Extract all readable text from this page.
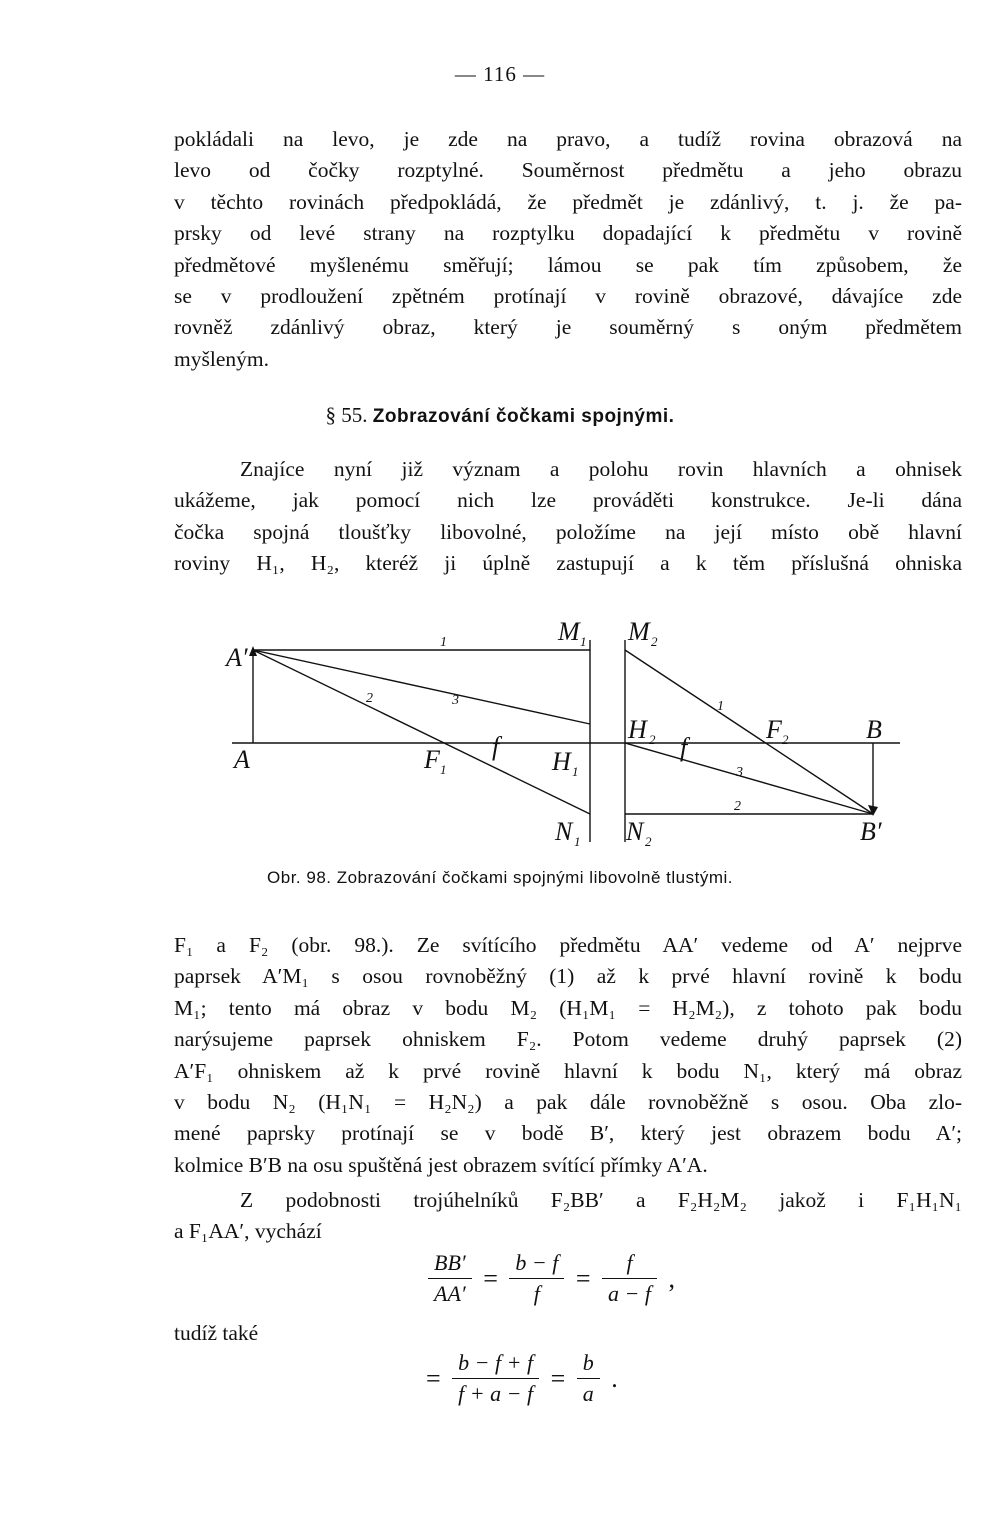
— 116 —
pokládali na levo, je zde na pravo, a tudíž rovina obrazová na
levo od čočky rozptylné. Souměrnost předmětu a jeho obrazu
v těchto rovinách předpokládá, že předmět je zdánlivý, t. j. že pa-
prsky od levé strany na rozptylku dopadající k předmětu v rovině
předmětové myšlenému směřují; lámou se pak tím způsobem, že
se v prodloužení zpětném protínají v rovině obrazové, dávajíce zde
rovněž zdánlivý obraz, který je souměrný s oným předmětem
myšleným.
§ 55. Zobrazování čočkami spojnými.
Znajíce nyní již význam a polohu rovin hlavních a ohnisek
ukážeme, jak pomocí nich lze prováděti konstrukce. Je-li dána
čočka spojná tloušťky libovolné, položíme na její místo obě hlavní
roviny H₁, H₂, kteréž ji úplně zastupují a k těm příslušná ohniska
A′
A	F 1
f
H 1
M 1
N 1
M 2
H 2 f
F 2	B
N 2	B′
1
2	3	1
3
2
Obr. 98. Zobrazování čočkami spojnými libovolně tlustými.
F₁ a F₂ (obr. 98.). Ze svítícího předmětu AA′ vedeme od A′ nejprve
paprsek A′M₁ s osou rovnoběžný (1) až k prvé hlavní rovině k bodu
M₁; tento má obraz v bodu M₂ (H₁M₁ = H₂M₂), z tohoto pak bodu
narýsujeme paprsek ohniskem F₂. Potom vedeme druhý paprsek (2)
A′F₁ ohniskem až k prvé rovině hlavní k bodu N₁, který má obraz
v bodu N₂ (H₁N₁ = H₂N₂) a pak dále rovnoběžně s osou. Oba zlo-
mené paprsky protínají se v bodě B′, který jest obrazem bodu A′;
kolmice B′B na osu spuštěná jest obrazem svítící přímky A′A.
Z podobnosti trojúhelníků F₂BB′ a F₂H₂M₂ jakož i F₁H₁N₁
a F₁AA′, vychází
$\frac{BB'}{AA'} = \frac{b - f}{f} = \frac{f}{a - f}$ ,
tudíž také
= $\frac{b - f + f}{f + a - f} = \frac{b}{a}$ .
